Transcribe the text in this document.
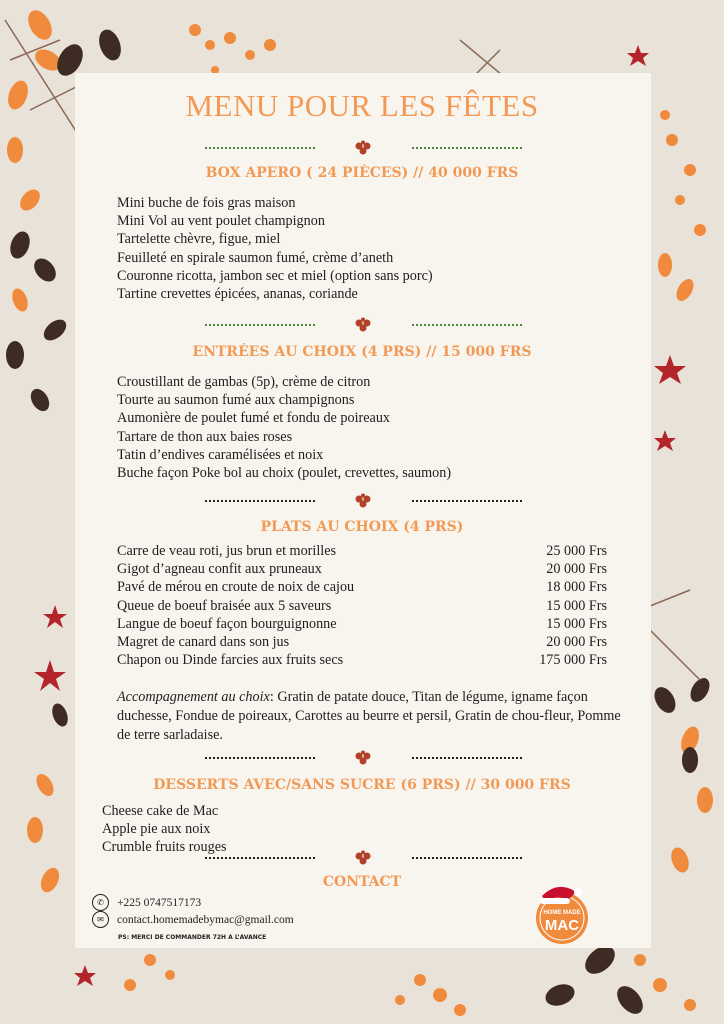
MENU POUR LES FÊTES
BOX APERO ( 24 PIÈCES) // 40 000 FRS
Mini buche de fois gras maison
Mini Vol au vent poulet champignon
Tartelette chèvre, figue, miel
Feuilleté en spirale saumon fumé, crème d’aneth
Couronne ricotta, jambon sec et miel (option sans porc)
Tartine crevettes épicées, ananas, coriande
ENTRÉES AU CHOIX (4 PRS) // 15 000 FRS
Croustillant de gambas (5p), crème de citron
Tourte au saumon fumé aux champignons
Aumonière de poulet fumé et fondu de poireaux
Tartare de thon aux baies roses
Tatin d’endives caramélisées et noix
Buche façon Poke bol au choix (poulet, crevettes, saumon)
PLATS AU CHOIX (4 PRS)
Carre de veau roti, jus brun et morilles	25 000 Frs
Gigot d’agneau confit aux pruneaux	20 000 Frs
Pavé de mérou en croute de noix de cajou	18 000 Frs
Queue de boeuf braisée aux 5 saveurs	15 000 Frs
Langue de boeuf façon bourguignonne	15 000 Frs
Magret de canard dans son jus	20 000 Frs
Chapon ou Dinde farcies aux fruits secs	175 000 Frs
Accompagnement au choix: Gratin de patate douce, Titan de légume, igname façon duchesse, Fondue de poireaux, Carottes au beurre et persil, Gratin de chou-fleur, Pomme de terre sarladaise.
DESSERTS AVEC/SANS SUCRE (6 PRS) // 30 000 FRS
Cheese cake de Mac
Apple pie aux noix
Crumble fruits rouges
CONTACT
✆	+225 0747517173
✉	contact.homemadebymac@gmail.com
PS: MERCI DE COMMANDER 72H A L’AVANCE
HOME MADE
MAC
